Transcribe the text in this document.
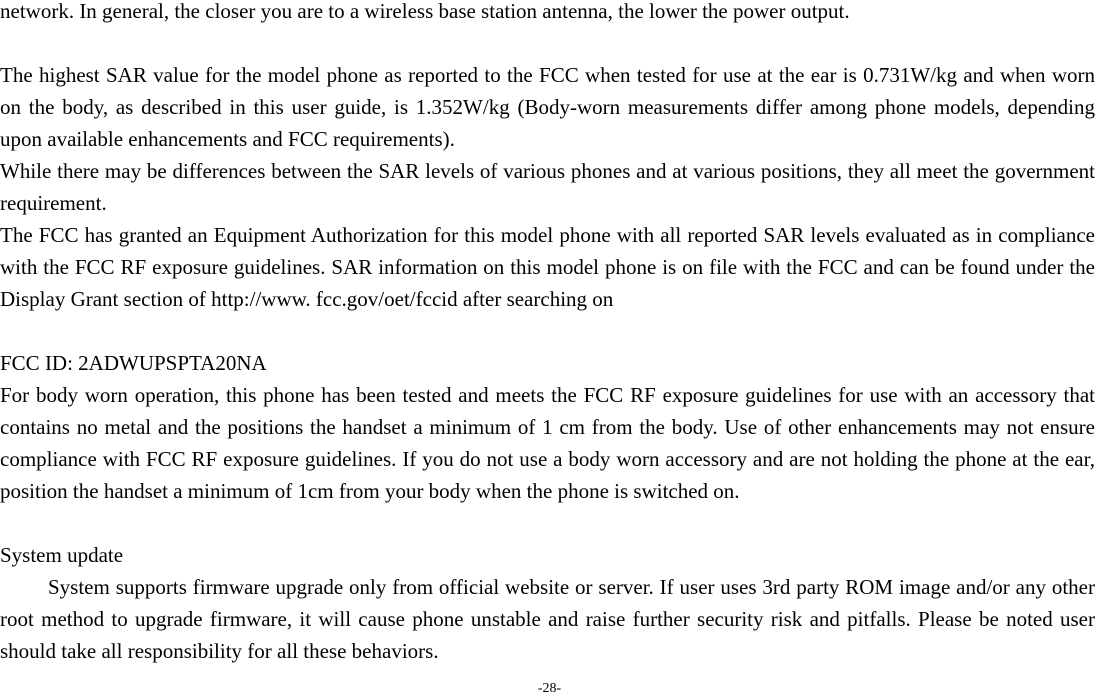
network. In general, the closer you are to a wireless base station antenna, the lower the power output.

The highest SAR value for the model phone as reported to the FCC when tested for use at the ear is 0.731W/kg and when worn on the body, as described in this user guide, is 1.352W/kg (Body-worn measurements differ among phone models, depending upon available enhancements and FCC requirements).

While there may be differences between the SAR levels of various phones and at various positions, they all meet the government requirement.

The FCC has granted an Equipment Authorization for this model phone with all reported SAR levels evaluated as in compliance with the FCC RF exposure guidelines. SAR information on this model phone is on file with the FCC and can be found under the Display Grant section of http://www. fcc.gov/oet/fccid after searching on

FCC ID: 2ADWUPSPTA20NA

For body worn operation, this phone has been tested and meets the FCC RF exposure guidelines for use with an accessory that contains no metal and the positions the handset a minimum of 1 cm from the body. Use of other enhancements may not ensure compliance with FCC RF exposure guidelines. If you do not use a body worn accessory and are not holding the phone at the ear, position the handset a minimum of 1cm from your body when the phone is switched on.

System update

System supports firmware upgrade only from official website or server. If user uses 3rd party ROM image and/or any other root method to upgrade firmware, it will cause phone unstable and raise further security risk and pitfalls. Please be noted user should take all responsibility for all these behaviors.

-28-
